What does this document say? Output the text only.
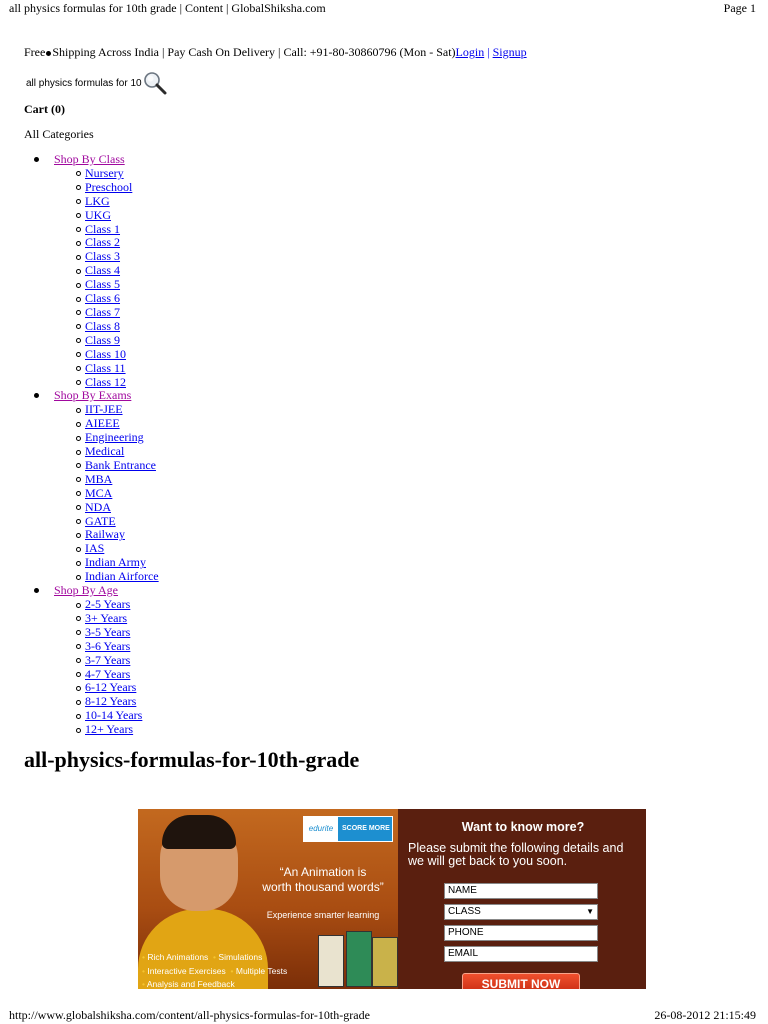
all physics formulas for 10th grade | Content | GlobalShiksha.com	Page 1
Free Shipping Across India | Pay Cash On Delivery | Call: +91-80-30860796 (Mon - Sat)Login | Signup
all physics formulas for 10
Cart (0)
All Categories
Shop By Class
Nursery
Preschool
LKG
UKG
Class 1
Class 2
Class 3
Class 4
Class 5
Class 6
Class 7
Class 8
Class 9
Class 10
Class 11
Class 12
Shop By Exams
IIT-JEE
AIEEE
Engineering
Medical
Bank Entrance
MBA
MCA
NDA
GATE
Railway
IAS
Indian Army
Indian Airforce
Shop By Age
2-5 Years
3+ Years
3-5 Years
3-6 Years
3-7 Years
4-7 Years
6-12 Years
8-12 Years
10-14 Years
12+ Years
all-physics-formulas-for-10th-grade
edurite	SCORE MORE
“An Animation is
worth thousand words”
Experience smarter learning
• Rich Animations • Simulations
• Interactive Exercises • Multiple Tests
• Analysis and Feedback
Want to know more?
Please submit the following details and we will get back to you soon.
NAME
CLASS	▼
PHONE
EMAIL
SUBMIT NOW
http://www.globalshiksha.com/content/all-physics-formulas-for-10th-grade	26-08-2012 21:15:49
